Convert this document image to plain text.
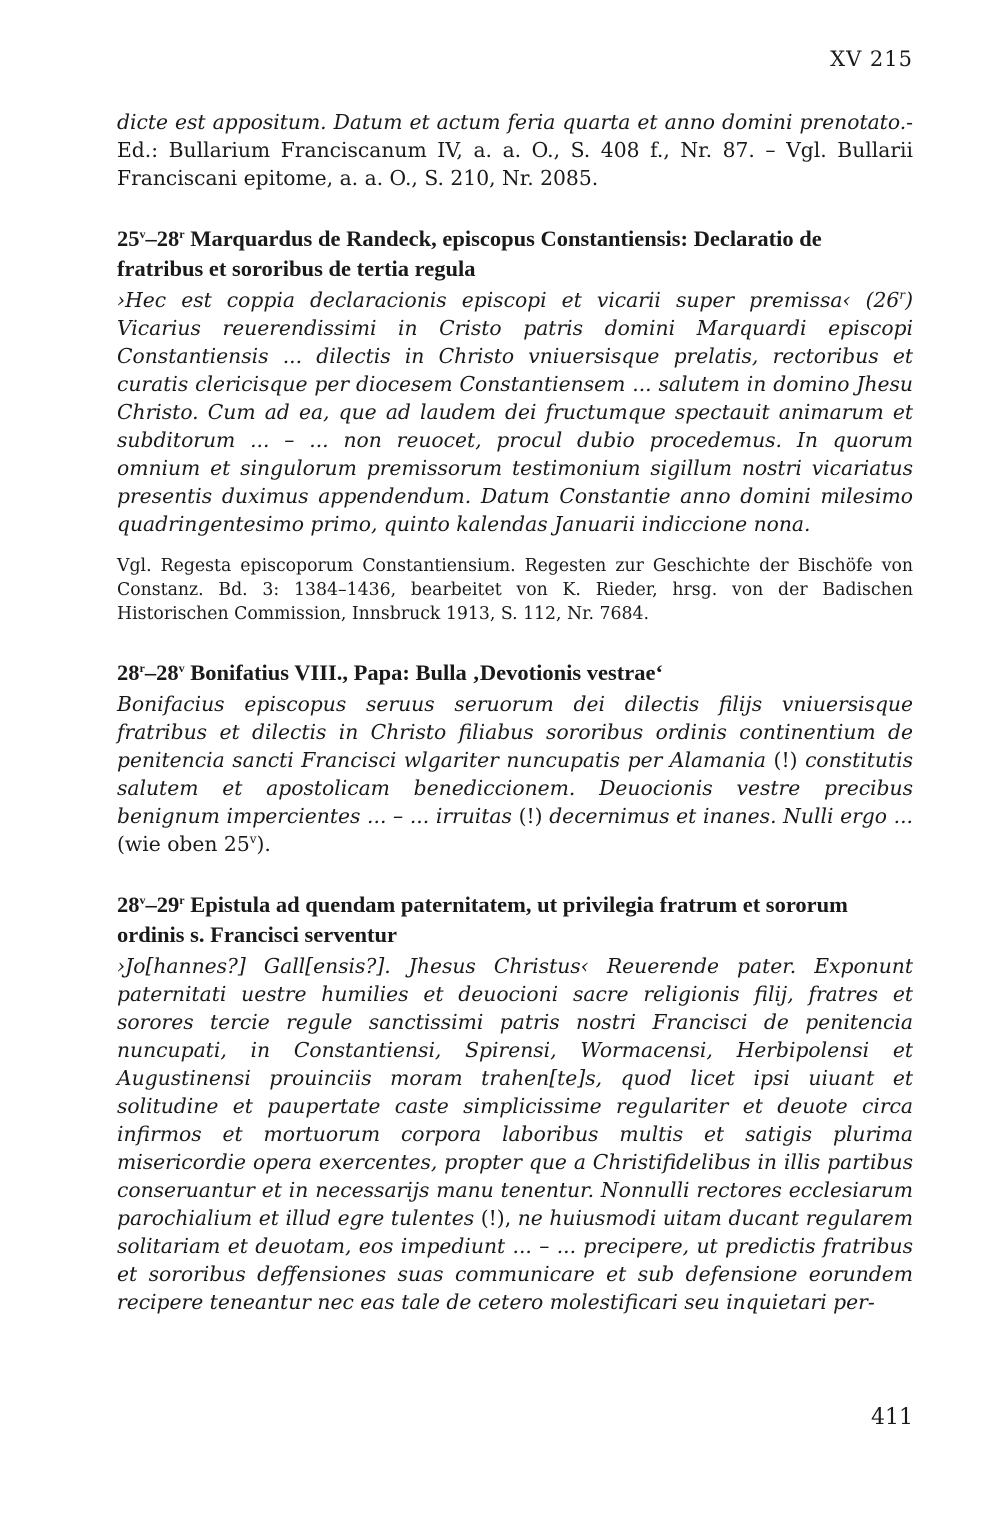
XV 215

dicte est appositum. Datum et actum feria quarta et anno domini prenotato.- Ed.: Bullarium Franciscanum IV, a. a. O., S. 408 f., Nr. 87. – Vgl. Bullarii Franciscani epitome, a. a. O., S. 210, Nr. 2085.

25$^v$–28$^r$ Marquardus de Randeck, episcopus Constantiensis: Declaratio de fratribus et sororibus de tertia regula

›Hec est coppia declaracionis episcopi et vicarii super premissa‹ (26$^r$) Vicarius reuerendissimi in Cristo patris domini Marquardi episcopi Constantiensis ... dilectis in Christo vniuersisque prelatis, rectoribus et curatis clericisque per diocesem Constantiensem ... salutem in domino Jhesu Christo. Cum ad ea, que ad laudem dei fructumque spectauit animarum et subditorum ... – ... non reuocet, procul dubio procedemus. In quorum omnium et singulorum premissorum testimonium sigillum nostri vicariatus presentis duximus appendendum. Datum Constantie anno domini milesimo quadringentesimo primo, quinto kalendas Januarii indiccione nona.

Vgl. Regesta episcoporum Constantiensium. Regesten zur Geschichte der Bischöfe von Constanz. Bd. 3: 1384–1436, bearbeitet von K. Rieder, hrsg. von der Badischen Historischen Commission, Innsbruck 1913, S. 112, Nr. 7684.

28$^r$–28$^v$ Bonifatius VIII., Papa: Bulla ‚Devotionis vestrae‘

Bonifacius episcopus seruus seruorum dei dilectis filijs vniuersisque fratribus et dilectis in Christo filiabus sororibus ordinis continentium de penitencia sancti Francisci wlgariter nuncupatis per Alamania (!) constitutis salutem et apostolicam benediccionem. Deuocionis vestre precibus benignum impercientes ... – ... irruitas (!) decernimus et inanes. Nulli ergo ... (wie oben 25$^v$).

28$^v$–29$^r$ Epistula ad quendam paternitatem, ut privilegia fratrum et sororum ordinis s. Francisci serventur

›Jo[hannes?] Gall[ensis?]. Jhesus Christus‹ Reuerende pater. Exponunt paternitati uestre humilies et deuocioni sacre religionis filij, fratres et sorores tercie regule sanctissimi patris nostri Francisci de penitencia nuncupati, in Constantiensi, Spirensi, Wormacensi, Herbipolensi et Augustinensi prouinciis moram trahen[te]s, quod licet ipsi uiuant et solitudine et paupertate caste simplicissime regulariter et deuote circa infirmos et mortuorum corpora laboribus multis et satigis plurima misericordie opera exercentes, propter que a Christifidelibus in illis partibus conseruantur et in necessarijs manu tenentur. Nonnulli rectores ecclesiarum parochialium et illud egre tulentes (!), ne huiusmodi uitam ducant regularem solitariam et deuotam, eos impediunt ... – ... precipere, ut predictis fratribus et sororibus deffensiones suas communicare et sub defensione eorundem recipere teneantur nec eas tale de cetero molestificari seu inquietari per-

411
